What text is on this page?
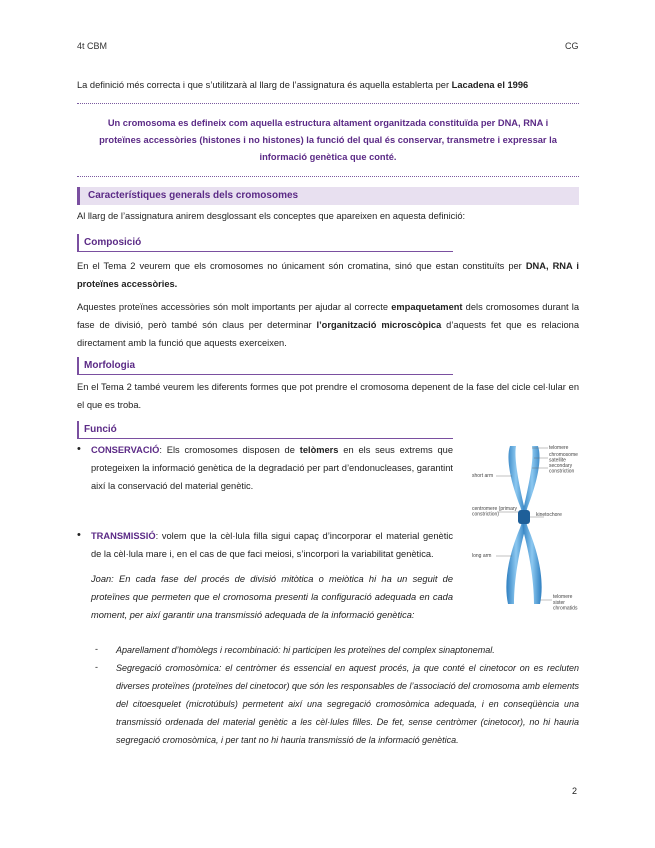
4t CBM	CG

La definició més correcta i que s’utilitzarà al llarg de l’assignatura és aquella establerta per Lacadena el 1996

Un cromosoma es defineix com aquella estructura altament organitzada constituïda per DNA, RNA i proteïnes accessòries (histones i no histones) la funció del qual és conservar, transmetre i expressar la informació genètica que conté.

Característiques generals dels cromosomes

Al llarg de l’assignatura anirem desglossant els conceptes que apareixen en aquesta definició:

Composició

En el Tema 2 veurem que els cromosomes no únicament són cromatina, sinó que estan constituïts per DNA, RNA i proteïnes accessòries.

Aquestes proteïnes accessòries són molt importants per ajudar al correcte empaquetament dels cromosomes durant la fase de divisió, però també són claus per determinar l’organització microscòpica d’aquests fet que es relaciona directament amb la funció que aquests exerceixen.

Morfologia

En el Tema 2 també veurem les diferents formes que pot prendre el cromosoma depenent de la fase del cicle cel·lular en el que es troba.

Funció
•	CONSERVACIÓ: Els cromosomes disposen de telòmers en els seus extrems que protegeixen la informació genètica de la degradació per part d’endonucleases, garantint així la conservació del material genètic.

•	TRANSMISSIÓ: volem que la cèl·lula filla sigui capaç d’incorporar el material genètic de la cèl·lula mare i, en el cas de que faci meiosi, s’incorpori la variabilitat genètica.

Joan: En cada fase del procés de divisió mitòtica o meiòtica hi ha un seguit de proteïnes que permeten que el cromosoma presenti la configuració adequada en cada moment, per així garantir una transmissió adequada de la informació genètica:

- Aparellament d’homòlegs i recombinació: hi participen les proteïnes del complex sinaptonemal.

- Segregació cromosòmica: el centròmer és essencial en aquest procés, ja que conté el cinetocor on es recluten diverses proteïnes (proteïnes del cinetocor) que són les responsables de l’associació del cromosoma amb elements del citoesquelet (microtúbuls) permetent així una segregació cromosòmica adequada, i en conseqüència una transmissió ordenada del material genètic a les cèl·lules filles. De fet, sense centròmer (cinetocor), no hi hauria segregació cromosòmica, i per tant no hi hauria transmissió de la informació genètica.

telomere
chromosome satellite
secondary constriction
short arm
centromere (primary constriction)	kinetochore
long arm
telomere
sister chromatids
2
